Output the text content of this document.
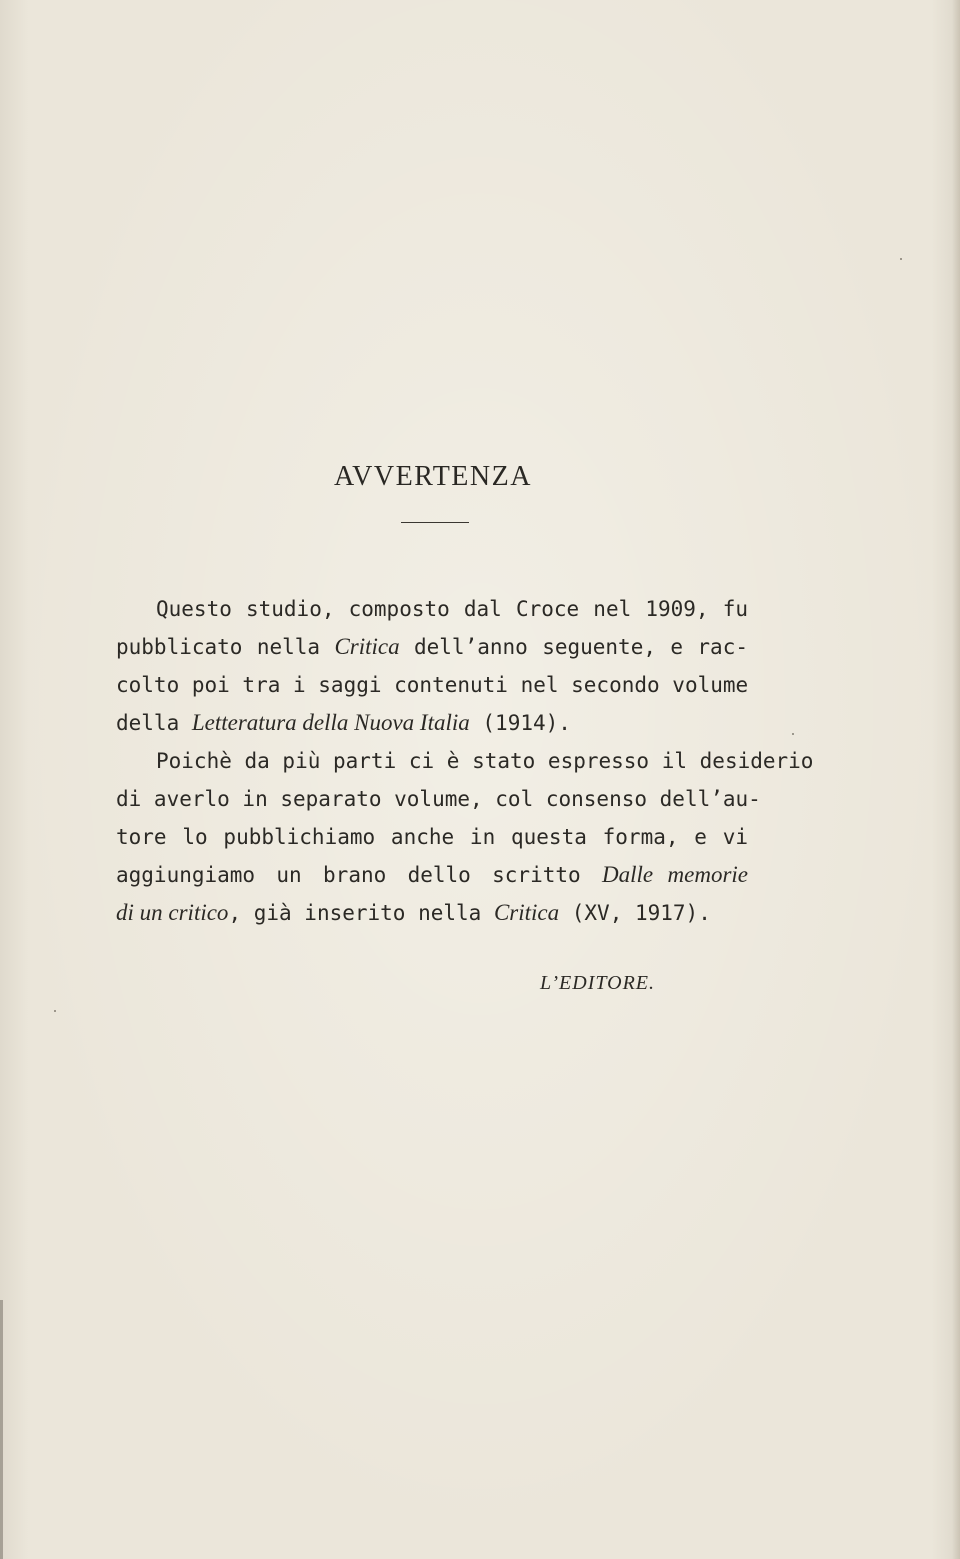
AVVERTENZA
Questo studio, composto dal Croce nel 1909, fu
pubblicato nella Critica dell’anno seguente, e rac-
colto poi tra i saggi contenuti nel secondo volume
della Letteratura della Nuova Italia (1914).
Poichè da più parti ci è stato espresso il desiderio
di averlo in separato volume, col consenso dell’au-
tore lo pubblichiamo anche in questa forma, e vi
aggiungiamo un brano dello scritto Dalle memorie
di un critico, già inserito nella Critica (XV, 1917).
L’EDITORE.
